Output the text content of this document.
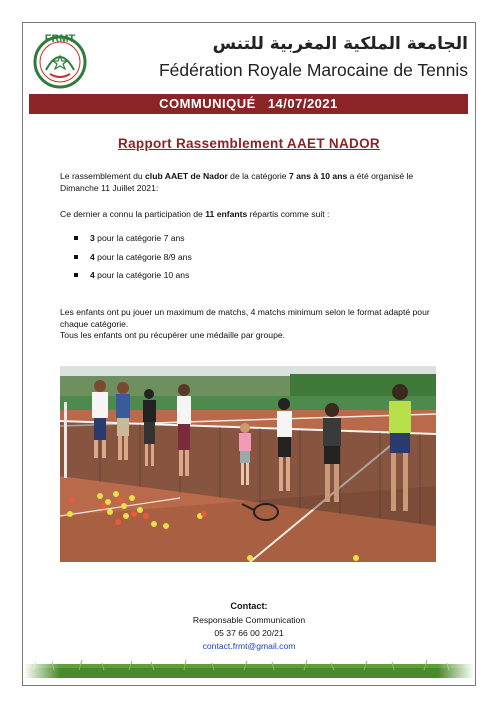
FRMT	الجامعة الملكية المغربية للتنس
Fédération Royale Marocaine de Tennis
COMMUNIQUÉ 14/07/2021
Rapport Rassemblement AAET NADOR
Le rassemblement du club AAET de Nador de la catégorie 7 ans à 10 ans a été organisé le Dimanche 11 Juillet 2021:
Ce dernier a connu la participation de 11 enfants répartis comme suit :
3 pour la catégorie 7 ans
4 pour la catégorie 8/9 ans
4 pour la catégorie 10 ans
Les enfants ont pu jouer un maximum de matchs, 4 matchs minimum selon le format adapté pour chaque catégorie.
Tous les enfants ont pu récupérer une médaille par groupe.
Contact:
Responsable Communication
05 37 66 00 20/21
contact.frmt@gmail.com
